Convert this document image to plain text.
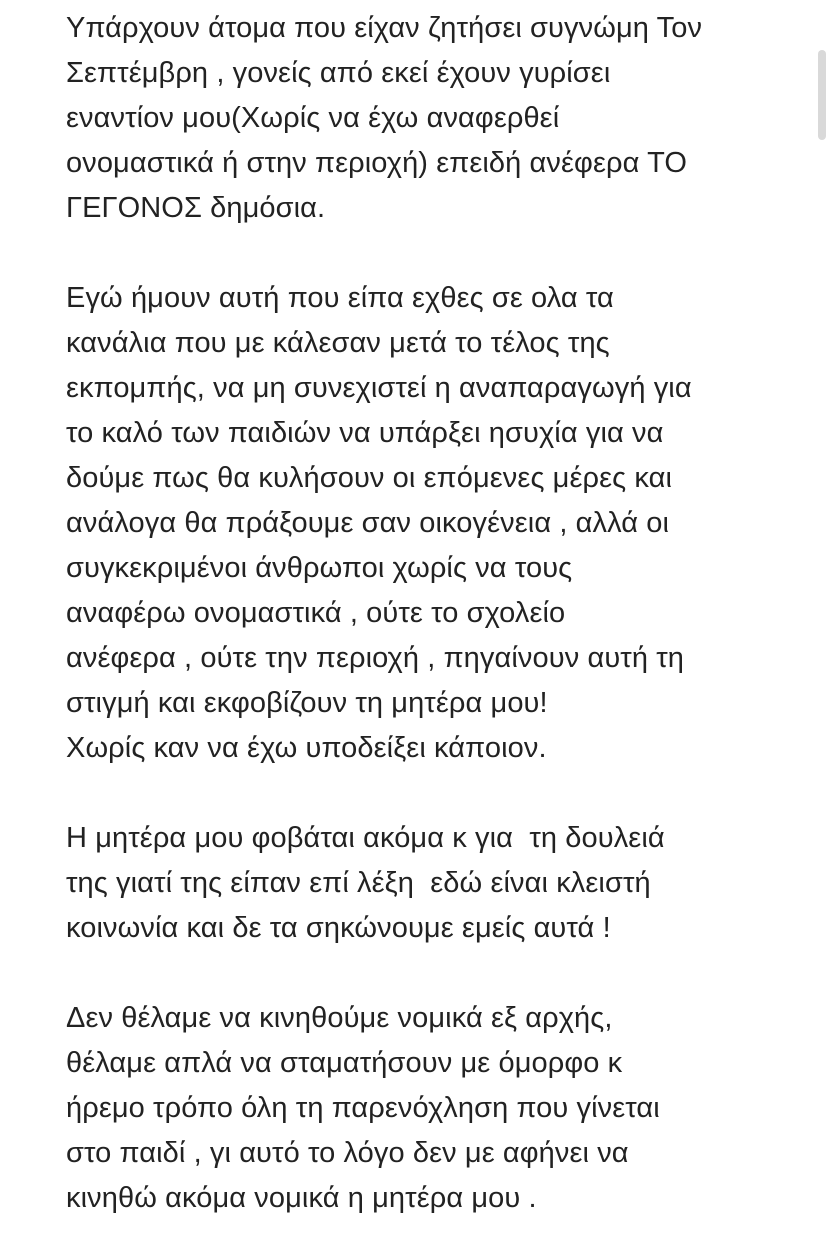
Υπάρχουν άτομα που είχαν ζητήσει συγνώμη Τον
Σεπτέμβρη , γονείς από εκεί έχουν γυρίσει
εναντίον μου(Χωρίς να έχω αναφερθεί
ονομαστικά ή στην περιοχή) επειδή ανέφερα ΤΟ
ΓΕΓΟΝΟΣ δημόσια.
Εγώ ήμουν αυτή που είπα εχθες σε ολα τα
κανάλια που με κάλεσαν μετά το τέλος της
εκπομπής, να μη συνεχιστεί η αναπαραγωγή για
το καλό των παιδιών να υπάρξει ησυχία για να
δούμε πως θα κυλήσουν οι επόμενες μέρες και
ανάλογα θα πράξουμε σαν οικογένεια , αλλά οι
συγκεκριμένοι άνθρωποι χωρίς να τους
αναφέρω ονομαστικά , ούτε το σχολείο
ανέφερα , ούτε την περιοχή , πηγαίνουν αυτή τη
στιγμή και εκφοβίζουν τη μητέρα μου!
Χωρίς καν να έχω υποδείξει κάποιον.
Η μητέρα μου φοβάται ακόμα κ για  τη δουλειά
της γιατί της είπαν επί λέξη  εδώ είναι κλειστή
κοινωνία και δε τα σηκώνουμε εμείς αυτά !
Δεν θέλαμε να κινηθούμε νομικά εξ αρχής,
θέλαμε απλά να σταματήσουν με όμορφο κ
ήρεμο τρόπο όλη τη παρενόχληση που γίνεται
στο παιδί , γι αυτό το λόγο δεν με αφήνει να
κινηθώ ακόμα νομικά η μητέρα μου .
